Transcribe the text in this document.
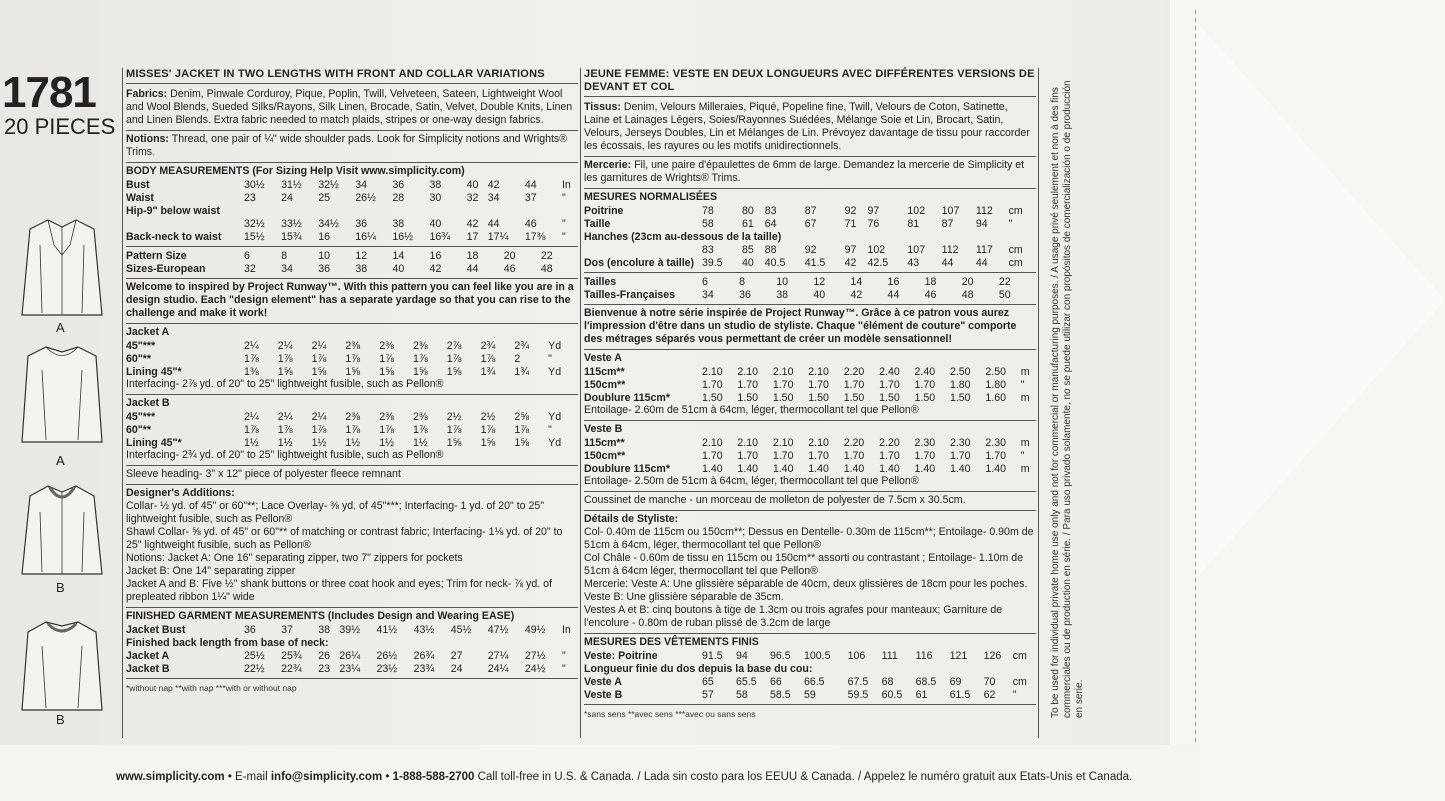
1781
20 PIECES
A
A
B
B
MISSES' JACKET IN TWO LENGTHS WITH FRONT AND COLLAR VARIATIONS
Fabrics: Denim, Pinwale Corduroy, Pique, Poplin, Twill, Velveteen, Sateen, Lightweight Wool and Wool Blends, Sueded Silks/Rayons, Silk Linen, Brocade, Satin, Velvet, Double Knits, Linen and Linen Blends. Extra fabric needed to match plaids, stripes or one-way design fabrics.
Notions: Thread, one pair of ¼" wide shoulder pads. Look for Simplicity notions and Wrights® Trims.
BODY MEASUREMENTS (For Sizing Help Visit www.simplicity.com)
Bust	30½	31½	32½	34	36	38	40	42	44	In
Waist	23	24	25	26½	28	30	32	34	37	"
Hip-9" below waist										
	32½	33½	34½	36	38	40	42	44	46	"
Back-neck to waist	15½	15¾	16	16¼	16½	16¾	17	17¼	17⅜	"
Pattern Size	6	8	10	12	14	16	18	20	22	
Sizes-European	32	34	36	38	40	42	44	46	48	
Welcome to inspired by Project Runway™. With this pattern you can feel like you are in a design studio. Each "design element" has a separate yardage so that you can rise to the challenge and make it work!
Jacket A
45"***	2¼	2¼	2¼	2⅜	2⅜	2⅜	2⅞	2¾	2¾	Yd
60"**	1⅞	1⅞	1⅞	1⅞	1⅞	1⅞	1⅞	1⅞	2	"
Lining 45"*	1⅜	1⅝	1⅝	1⅝	1⅝	1⅝	1⅝	1¾	1¾	Yd
Interfacing- 2⅞ yd. of 20" to 25" lightweight fusible, such as Pellon®
Jacket B
45"***	2¼	2¼	2¼	2⅜	2⅜	2⅜	2½	2½	2⅝	Yd
60"**	1⅞	1⅞	1⅞	1⅞	1⅞	1⅞	1⅞	1⅞	1⅞	"
Lining 45"*	1½	1½	1½	1½	1½	1½	1⅝	1⅝	1⅝	Yd
Interfacing- 2¾ yd. of 20" to 25" lightweight fusible, such as Pellon®
Sleeve heading- 3" x 12" piece of polyester fleece remnant
Designer's Additions:
Collar- ½ yd. of 45" or 60"**; Lace Overlay- ⅜ yd. of 45"***; Interfacing- 1 yd. of 20" to 25" lightweight fusible, such as Pellon®
Shawl Collar- ⅝ yd. of 45" or 60"** of matching or contrast fabric; Interfacing- 1⅛ yd. of 20" to 25" lightweight fusible, such as Pellon®
Notions: Jacket A: One 16" separating zipper, two 7" zippers for pockets
Jacket B: One 14" separating zipper
Jacket A and B: Five ½" shank buttons or three coat hook and eyes; Trim for neck- ⅞ yd. of prepleated ribbon 1¼" wide
FINISHED GARMENT MEASUREMENTS (Includes Design and Wearing EASE)
Jacket Bust	36	37	38	39½	41½	43½	45½	47½	49½	In
Finished back length from base of neck:										
Jacket A	25½	25¾	26	26¼	26½	26¾	27	27¼	27½	"
Jacket B	22½	22¾	23	23¼	23½	23¾	24	24¼	24½	"
*without nap **with nap ***with or without nap
JEUNE FEMME: VESTE EN DEUX LONGUEURS AVEC DIFFÉRENTES VERSIONS DE DEVANT ET COL
Tissus: Denim, Velours Milleraies, Piqué, Popeline fine, Twill, Velours de Coton, Satinette, Laine et Lainages Légers, Soies/Rayonnes Suédées, Mélange Soie et Lin, Brocart, Satin, Velours, Jerseys Doubles, Lin et Mélanges de Lin. Prévoyez davantage de tissu pour raccorder les écossais, les rayures ou les motifs unidirectionnels.
Mercerie: Fil, une paire d'épaulettes de 6mm de large. Demandez la mercerie de Simplicity et les garnitures de Wrights® Trims.
MESURES NORMALISÉES
Poitrine	78	80	83	87	92	97	102	107	112	cm
Taille	58	61	64	67	71	76	81	87	94	"
Hanches (23cm au-dessous de la taille)										
	83	85	88	92	97	102	107	112	117	cm
Dos (encolure à taille)	39.5	40	40.5	41.5	42	42.5	43	44	44	cm
Tailles	6	8	10	12	14	16	18	20	22	
Tailles-Françaises	34	36	38	40	42	44	46	48	50	
Bienvenue à notre série inspirée de Project Runway™. Grâce à ce patron vous aurez l'impression d'être dans un studio de styliste. Chaque "élément de couture" comporte des métrages séparés vous permettant de créer un modèle sensationnel!
Veste A
115cm**	2.10	2.10	2.10	2.10	2.20	2.40	2.40	2.50	2.50	m
150cm**	1.70	1.70	1.70	1.70	1.70	1.70	1.70	1.80	1.80	"
Doublure 115cm*	1.50	1.50	1.50	1.50	1.50	1.50	1.50	1.50	1.60	m
Entoilage- 2.60m de 51cm à 64cm, léger, thermocollant tel que Pellon®
Veste B
115cm**	2.10	2.10	2.10	2.10	2.20	2.20	2.30	2.30	2.30	m
150cm**	1.70	1.70	1.70	1.70	1.70	1.70	1.70	1.70	1.70	"
Doublure 115cm*	1.40	1.40	1.40	1.40	1.40	1.40	1.40	1.40	1.40	m
Entoilage- 2.50m de 51cm à 64cm, léger, thermocollant tel que Pellon®
Coussinet de manche - un morceau de molleton de polyester de 7.5cm x 30.5cm.
Détails de Styliste:
Col- 0.40m de 115cm ou 150cm**; Dessus en Dentelle- 0.30m de 115cm**; Entoilage- 0.90m de 51cm à 64cm, léger, thermocollant tel que Pellon®
Col Châle - 0.60m de tissu en 115cm ou 150cm** assorti ou contrastant ; Entoilage- 1.10m de 51cm à 64cm léger, thermocollant tel que Pellon®
Mercerie: Veste A: Une glissière séparable de 40cm, deux glissières de 18cm pour les poches.
Veste B: Une glissière séparable de 35cm.
Vestes A et B: cinq boutons à tige de 1.3cm ou trois agrafes pour manteaux; Garniture de l'encolure - 0.80m de ruban plissé de 3.2cm de large
MESURES DES VÊTEMENTS FINIS
Veste: Poitrine	91.5	94	96.5	100.5	106	111	116	121	126	cm
Longueur finie du dos depuis la base du cou:										
Veste A	65	65.5	66	66.5	67.5	68	68.5	69	70	cm
Veste B	57	58	58.5	59	59.5	60.5	61	61.5	62	"
*sans sens **avec sens ***avec ou sans sens	To be used for individual private home use only and not for commercial or manufacturing purposes. / A usage privé seulement et non à des fins commerciales ou de production en série. / Para uso privado solamente, no se puede utilizar con propósitos de comercialización o de producción en serie.
www.simplicity.com • E-mail info@simplicity.com • 1-888-588-2700 Call toll-free in U.S. & Canada. / Lada sin costo para los EEUU & Canada. / Appelez le numéro gratuit aux Etats-Unis et Canada.
